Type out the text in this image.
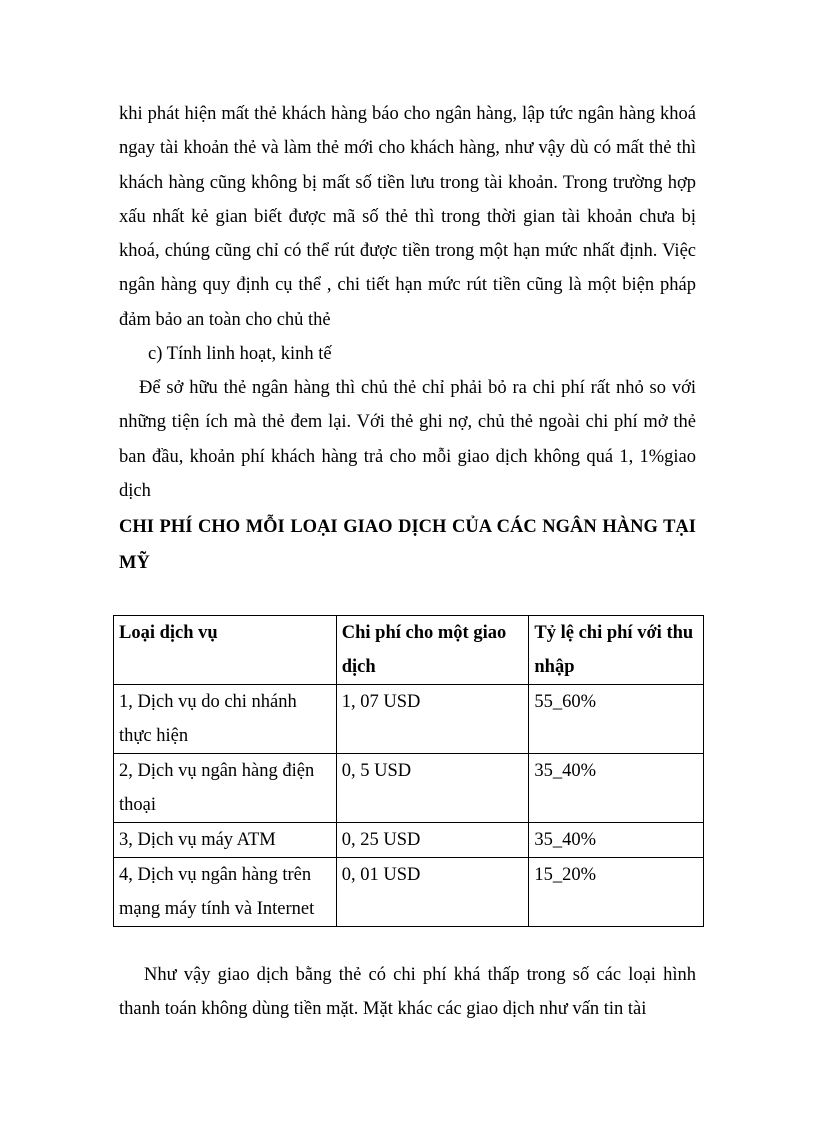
khi phát hiện mất thẻ khách hàng báo cho ngân hàng, lập tức ngân hàng khoá ngay tài khoản thẻ và làm thẻ mới cho khách hàng, như vậy dù có mất thẻ thì khách hàng cũng không bị mất số tiền lưu trong tài khoản. Trong trường hợp xấu nhất kẻ gian biết được mã số thẻ thì trong thời gian tài khoản chưa bị khoá, chúng cũng chỉ có thể rút được tiền trong một hạn mức nhất định. Việc ngân hàng quy định cụ thể , chi tiết hạn mức rút tiền cũng là một biện pháp đảm bảo an toàn cho chủ thẻ

c) Tính linh hoạt, kinh tế

Để sở hữu thẻ ngân hàng thì chủ thẻ chỉ phải bỏ ra chi phí rất nhỏ so với những tiện ích mà thẻ đem lại. Với thẻ ghi nợ, chủ thẻ ngoài chi phí mở thẻ ban đầu, khoản phí khách hàng trả cho mỗi giao dịch không quá 1, 1%giao dịch

CHI PHÍ CHO MỖI LOẠI GIAO DỊCH CỦA CÁC NGÂN HÀNG TẠI MỸ

Loại dịch vụ	Chi phí cho một giao dịch	Tỷ lệ chi phí với thu nhập
1, Dịch vụ do chi nhánh thực hiện	1, 07 USD	55_60%
2, Dịch vụ ngân hàng điện thoại	0, 5 USD	35_40%
3, Dịch vụ máy ATM	0, 25 USD	35_40%
4, Dịch vụ ngân hàng trên mạng máy tính và Internet	0, 01 USD	15_20%

Như vậy giao dịch bằng thẻ có chi phí khá thấp trong số các loại hình thanh toán không dùng tiền mặt. Mặt khác các giao dịch như vấn tin tài
